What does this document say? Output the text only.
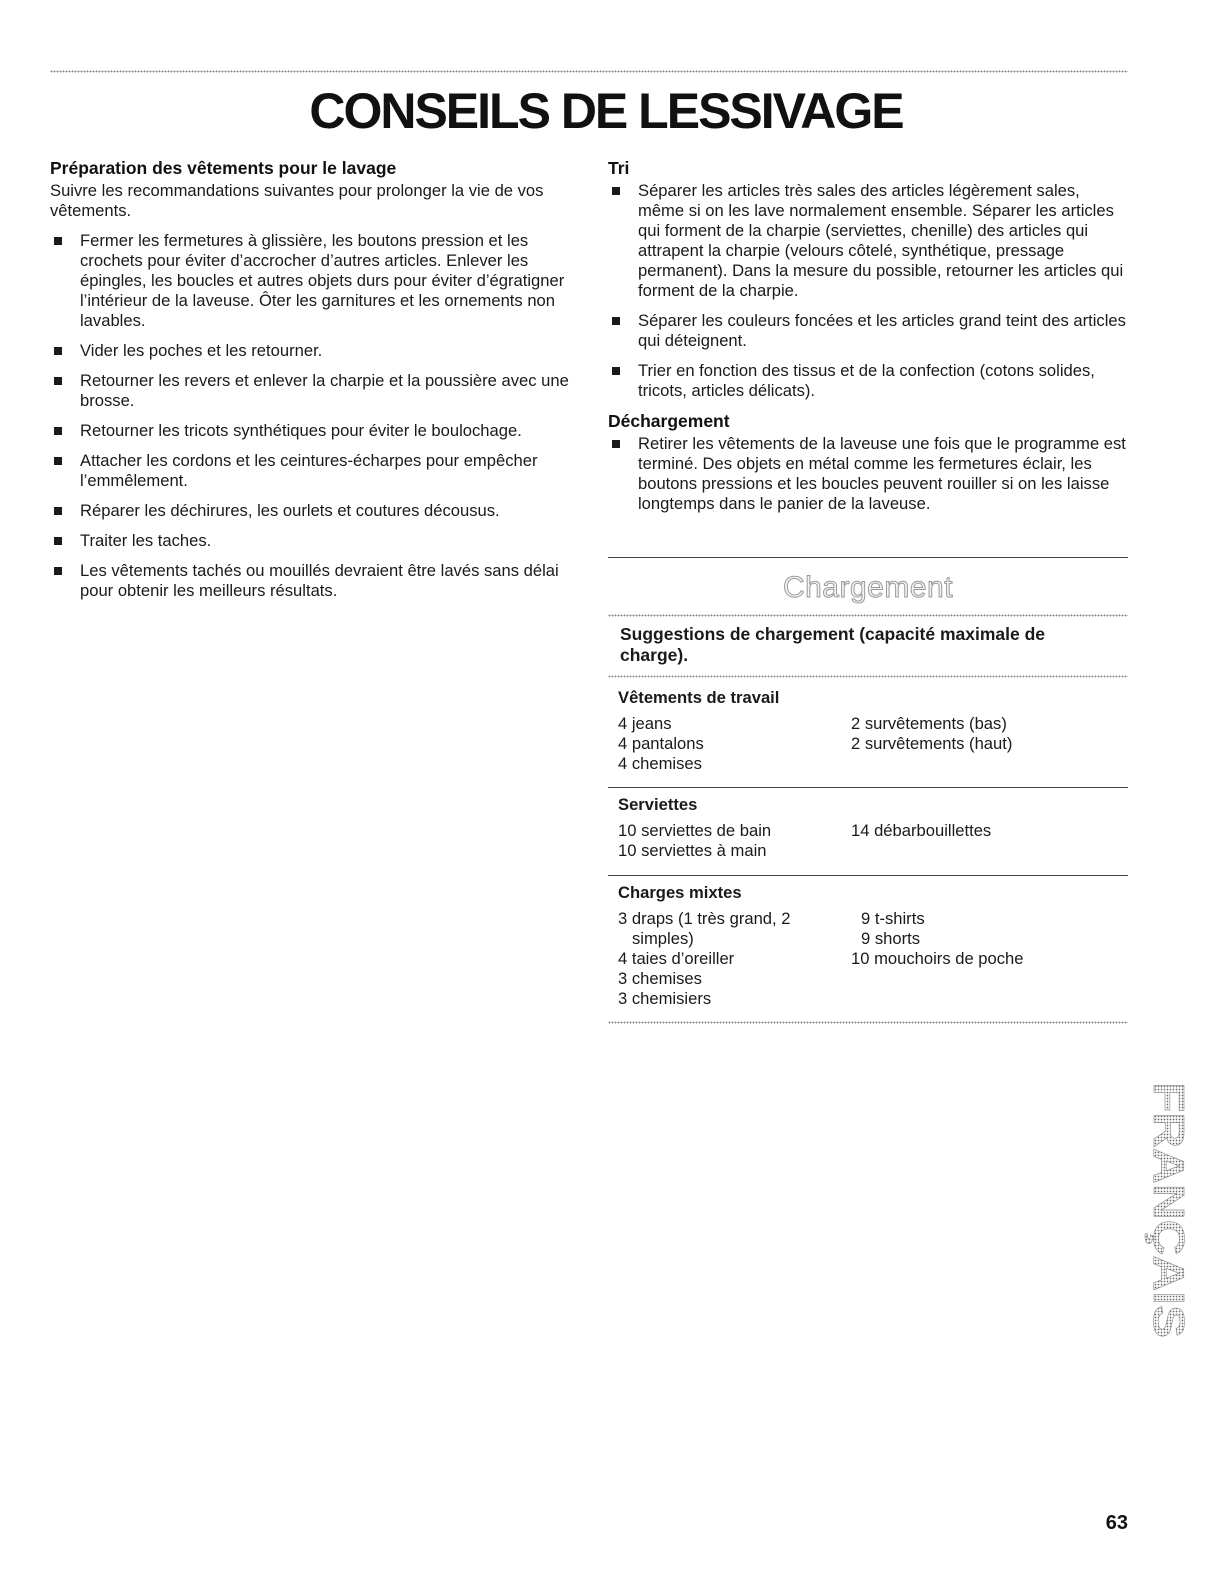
CONSEILS DE LESSIVAGE
Préparation des vêtements pour le lavage

Suivre les recommandations suivantes pour prolonger la vie de vos vêtements.

Fermer les fermetures à glissière, les boutons pression et les crochets pour éviter d’accrocher d’autres articles. Enlever les épingles, les boucles et autres objets durs pour éviter d’égratigner l’intérieur de la laveuse. Ôter les garnitures et les ornements non lavables.
Vider les poches et les retourner.
Retourner les revers et enlever la charpie et la poussière avec une brosse.
Retourner les tricots synthétiques pour éviter le boulochage.
Attacher les cordons et les ceintures-écharpes pour empêcher l’emmêlement.
Réparer les déchirures, les ourlets et coutures décousus.
Traiter les taches.
Les vêtements tachés ou mouillés devraient être lavés sans délai pour obtenir les meilleurs résultats.
Tri
Séparer les articles très sales des articles légèrement sales, même si on les lave normalement ensemble. Séparer les articles qui forment de la charpie (serviettes, chenille) des articles qui attrapent la charpie (velours côtelé, synthétique, pressage permanent). Dans la mesure du possible, retourner les articles qui forment de la charpie.
Séparer les couleurs foncées et les articles grand teint des articles qui déteignent.
Trier en fonction des tissus et de la confection (cotons solides, tricots, articles délicats).
Déchargement
Retirer les vêtements de la laveuse une fois que le programme est terminé. Des objets en métal comme les fermetures éclair, les boutons pressions et les boucles peuvent rouiller si on les laisse longtemps dans le panier de la laveuse.
Chargement
Suggestions de chargement (capacité maximale de charge).
Vêtements de travail
4 jeans
4 pantalons
4 chemises
2 survêtements (bas)
2 survêtements (haut)
Serviettes
10 serviettes de bain
10 serviettes à main
14 débarbouillettes
Charges mixtes
3 draps (1 très grand, 2
simples)
4 taies d’oreiller
3 chemises
3 chemisiers
9 t-shirts
9 shorts
10 mouchoirs de poche
FRANÇAIS
63
